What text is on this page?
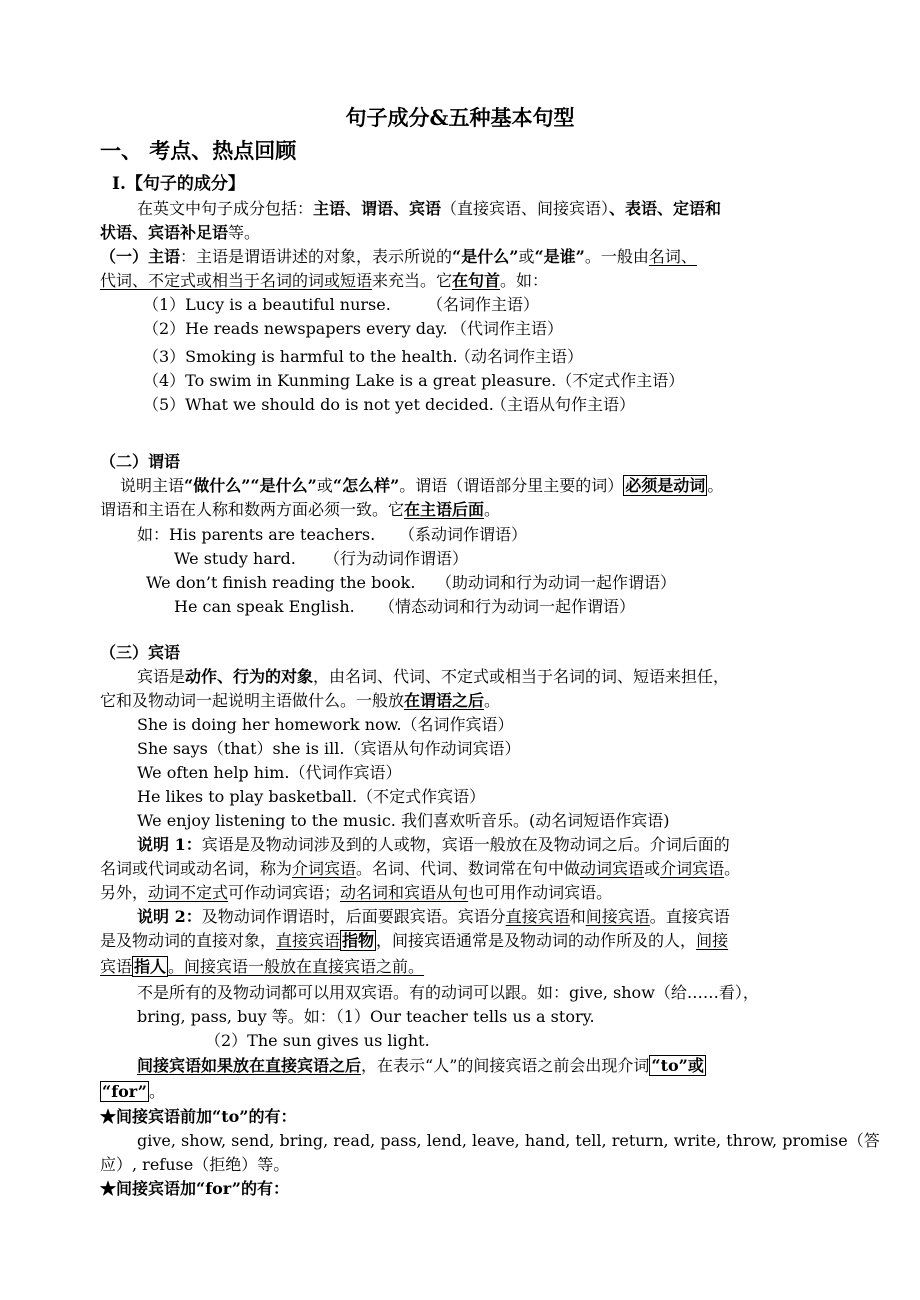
句子成分&五种基本句型
一、 考点、热点回顾
I.【句子的成分】
在英文中句子成分包括：主语、谓语、宾语（直接宾语、间接宾语）、表语、定语和
状语、宾语补足语等。
（一）主语：主语是谓语讲述的对象，表示所说的“是什么”或“是谁”。一般由名词、
代词、不定式或相当于名词的词或短语来充当。它在句首。如：
（1）Lucy is a beautiful nurse. （名词作主语）
（2）He reads newspapers every day. （代词作主语）
（3）Smoking is harmful to the health.
（动名词作主语）
（4）To swim in Kunming Lake is a great pleasure.（不定式作主语）
（5）What we should do is not yet decided.
（主语从句作主语）
（二）谓语
说明主语“做什么”“是什么”或“怎么样”。谓语（谓语部分里主要的词） 必须是动词 。
谓语和主语在人称和数两方面必须一致。它在主语后面。
如：His parents are teachers. （系动词作谓语）
We study hard. （行为动词作谓语）
We don’t finish reading the book. （助动词和行为动词一起作谓语）
He can speak English. （情态动词和行为动词一起作谓语）
（三）宾语
宾语是动作、行为的对象，由名词、代词、不定式或相当于名词的词、短语来担任，
它和及物动词一起说明主语做什么。一般放在谓语之后。
She is doing her homework now.（名词作宾语）
She says（that）she is ill.（宾语从句作动词宾语）
We often help him.（代词作宾语）
He likes to play basketball.（不定式作宾语）
We enjoy listening to the music. 我们喜欢听音乐。(动名词短语作宾语)
说明 1：宾语是及物动词涉及到的人或物，宾语一般放在及物动词之后。介词后面的
名词或代词或动名词，称为介词宾语。名词、代词、数词常在句中做动词宾语或介词宾语。
另外，动词不定式可作动词宾语；动名词和宾语从句也可用作动词宾语。
说明 2：及物动词作谓语时，后面要跟宾语。宾语分直接宾语和间接宾语。直接宾语
是及物动词的直接对象，直接宾语 指物 ，间接宾语通常是及物动词的动作所及的人，间接
宾语 指人 。间接宾语一般放在直接宾语之前。
不是所有的及物动词都可以用双宾语。有的动词可以跟。如：give, show（给……看），
bring, pass, buy 等。如：（1）Our teacher tells us a story.
（2）The sun gives us light.
间接宾语如果放在直接宾语之后，在表示“人”的间接宾语之前会出现介词 “to”或
“for” 。
★间接宾语前加“to”的有：
give, show, send, bring, read, pass, lend, leave, hand, tell, return, write, throw, promise（答
应）, refuse（拒绝）等。
★间接宾语加“for”的有：
